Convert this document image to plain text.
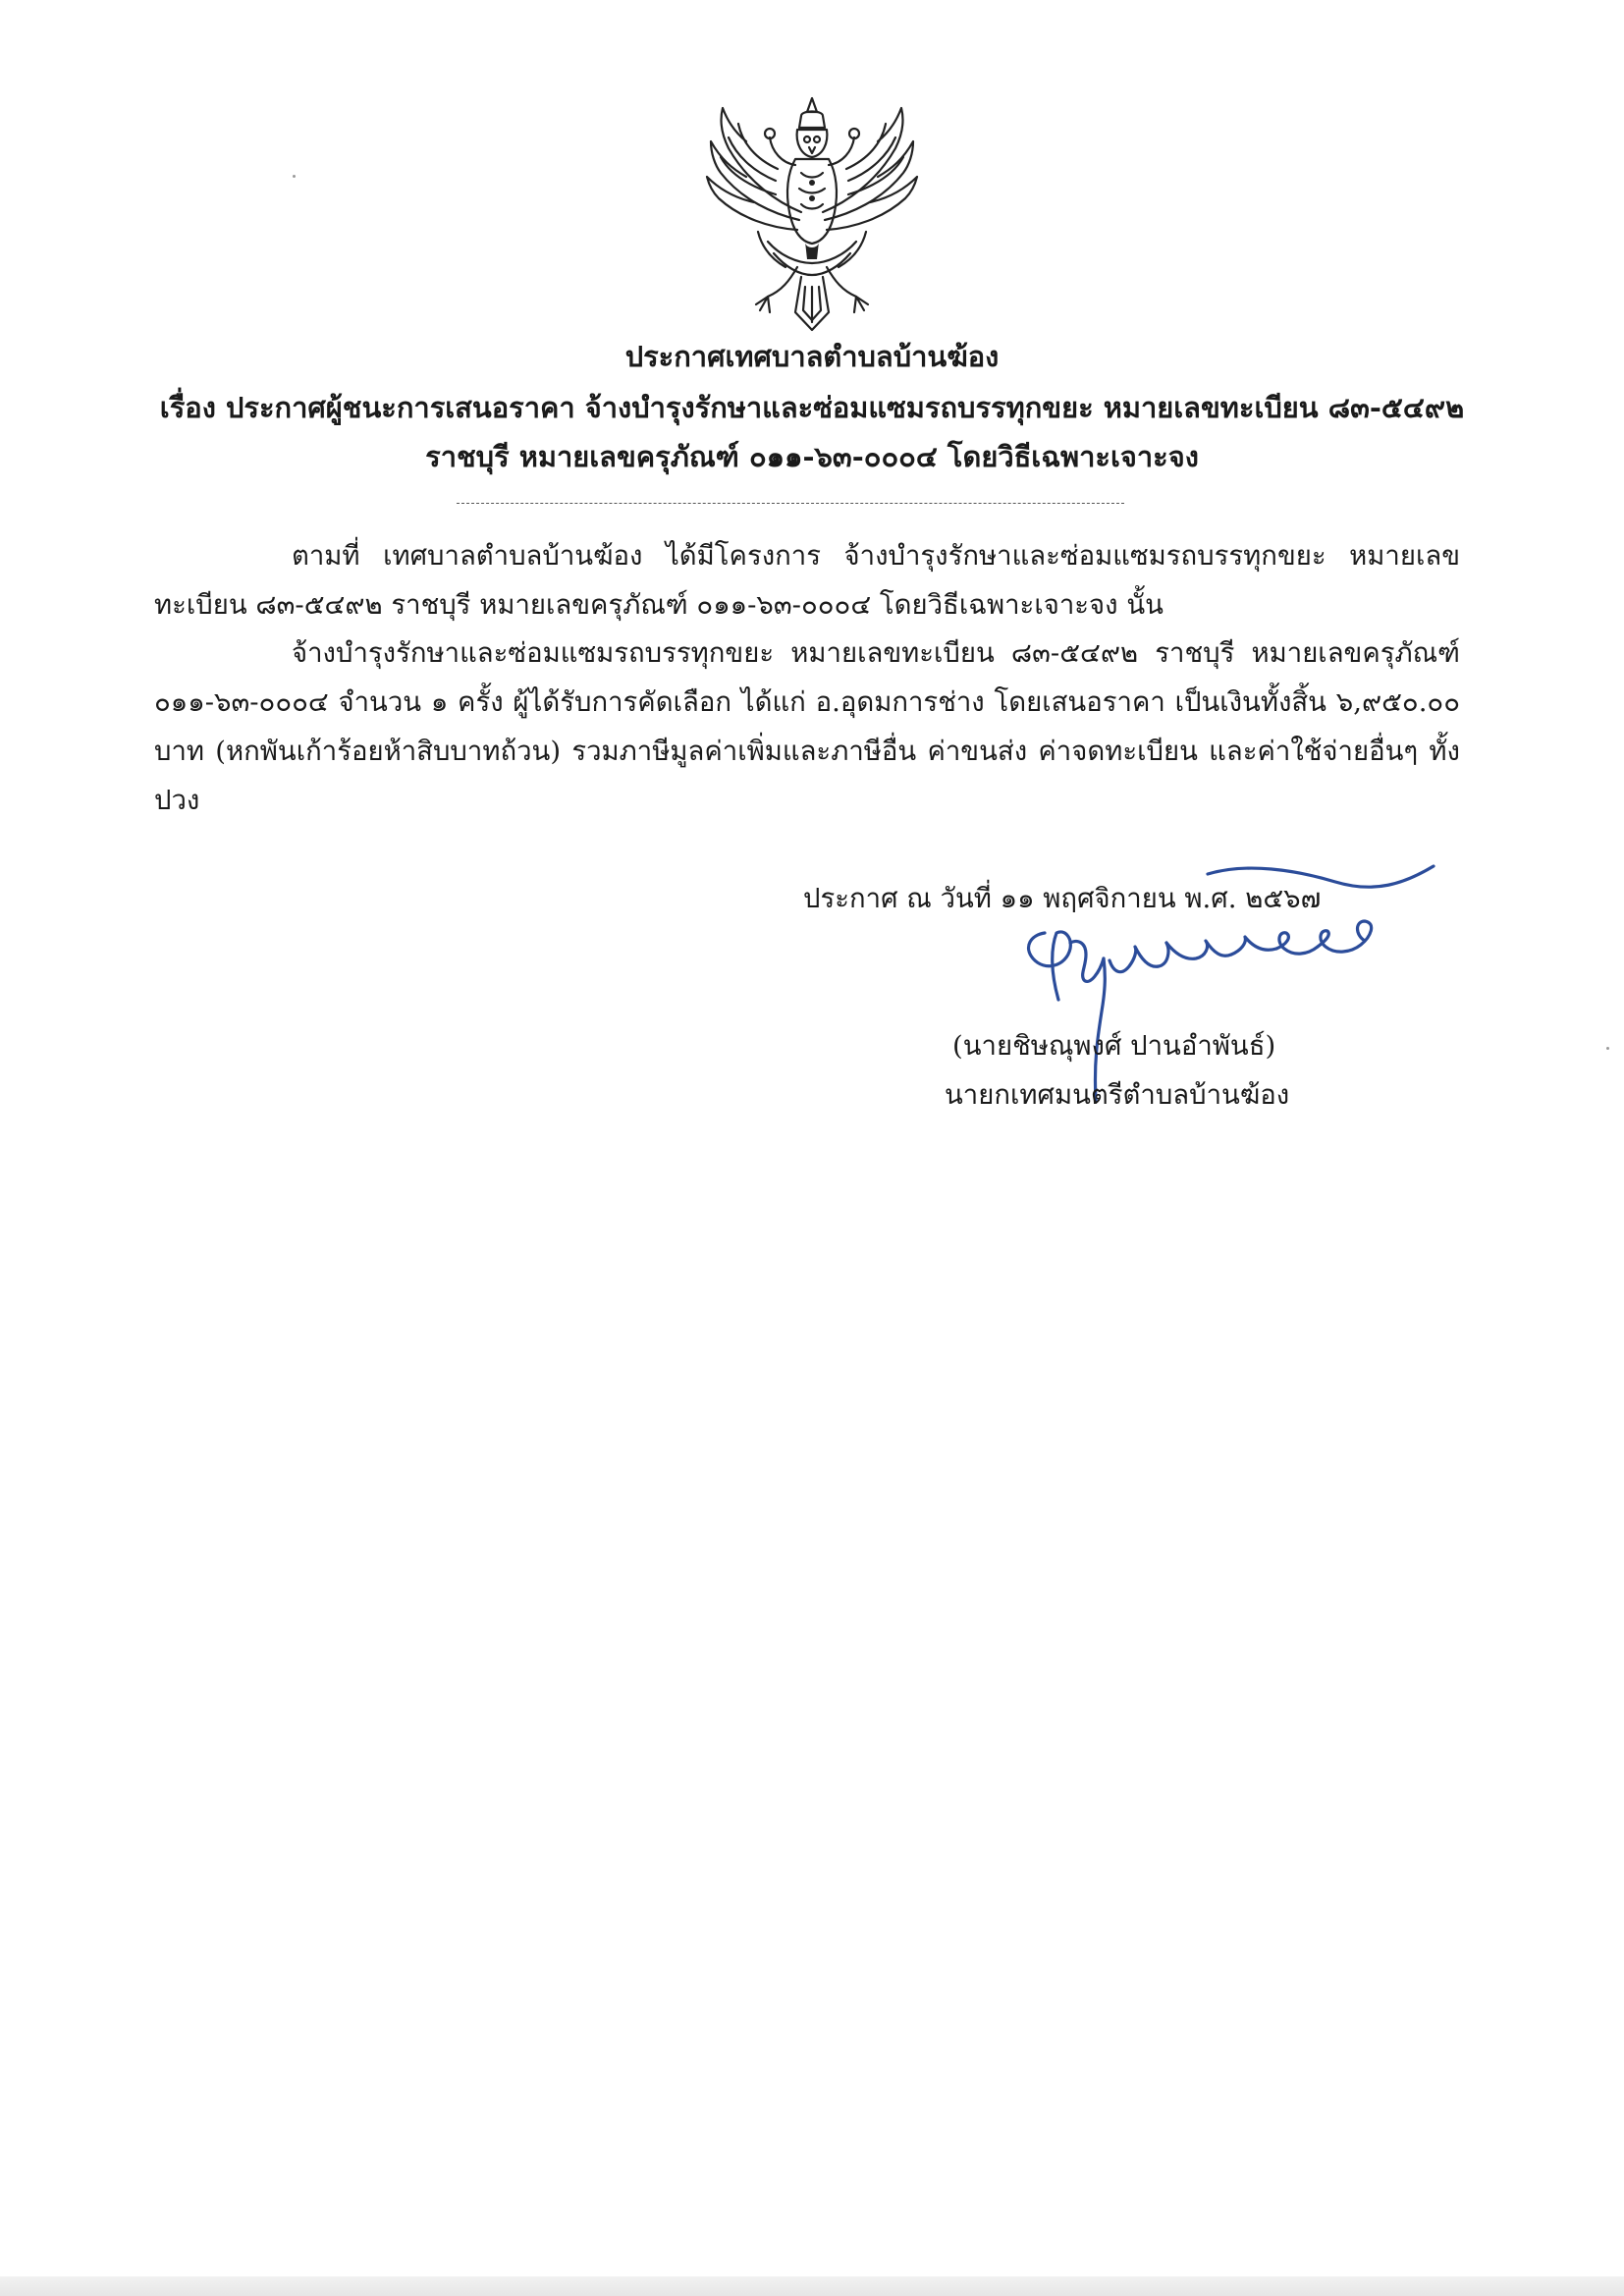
ประกาศเทศบาลตำบลบ้านฆ้อง
เรื่อง ประกาศผู้ชนะการเสนอราคา จ้างบำรุงรักษาและซ่อมแซมรถบรรทุกขยะ หมายเลขทะเบียน ๘๓-๕๔๙๒
ราชบุรี หมายเลขครุภัณฑ์ ๐๑๑-๖๓-๐๐๐๔ โดยวิธีเฉพาะเจาะจง
ตามที่ เทศบาลตำบลบ้านฆ้อง ได้มีโครงการ จ้างบำรุงรักษาและซ่อมแซมรถบรรทุกขยะ หมายเลขทะเบียน ๘๓-๕๔๙๒ ราชบุรี หมายเลขครุภัณฑ์ ๐๑๑-๖๓-๐๐๐๔ โดยวิธีเฉพาะเจาะจง นั้น
จ้างบำรุงรักษาและซ่อมแซมรถบรรทุกขยะ หมายเลขทะเบียน ๘๓-๕๔๙๒ ราชบุรี หมายเลขครุภัณฑ์ ๐๑๑-๖๓-๐๐๐๔ จำนวน ๑ ครั้ง ผู้ได้รับการคัดเลือก ได้แก่ อ.อุดมการช่าง โดยเสนอราคา เป็นเงินทั้งสิ้น ๖,๙๕๐.๐๐ บาท (หกพันเก้าร้อยห้าสิบบาทถ้วน) รวมภาษีมูลค่าเพิ่มและภาษีอื่น ค่าขนส่ง ค่าจดทะเบียน และค่าใช้จ่ายอื่นๆ ทั้งปวง
ประกาศ ณ วันที่ ๑๑ พฤศจิกายน พ.ศ. ๒๕๖๗
(นายชิษณุพงศ์ ปานอำพันธ์)
นายกเทศมนตรีตำบลบ้านฆ้อง
